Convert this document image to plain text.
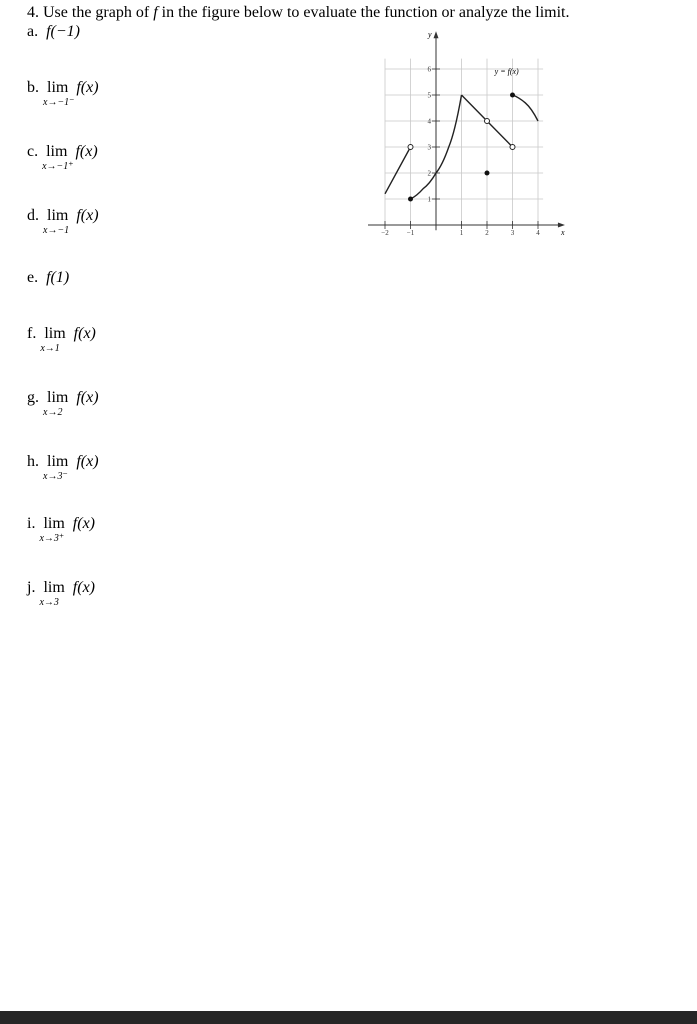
4. Use the graph of f in the figure below to evaluate the function or analyze the limit.
a. f(−1)
b. lim
x→−1⁻
f(x)
c. lim
x→−1⁺
f(x)
d. lim
x→−1
f(x)
e. f(1)
f. lim
x→1
f(x)
g. lim
x→2
f(x)
h. lim
x→3⁻
f(x)
i. lim
x→3⁺
f(x)
j. lim
x→3
f(x)
−2	−1	1	2	3	4
1
2
3
4
5
6	y = f(x)
x
y
